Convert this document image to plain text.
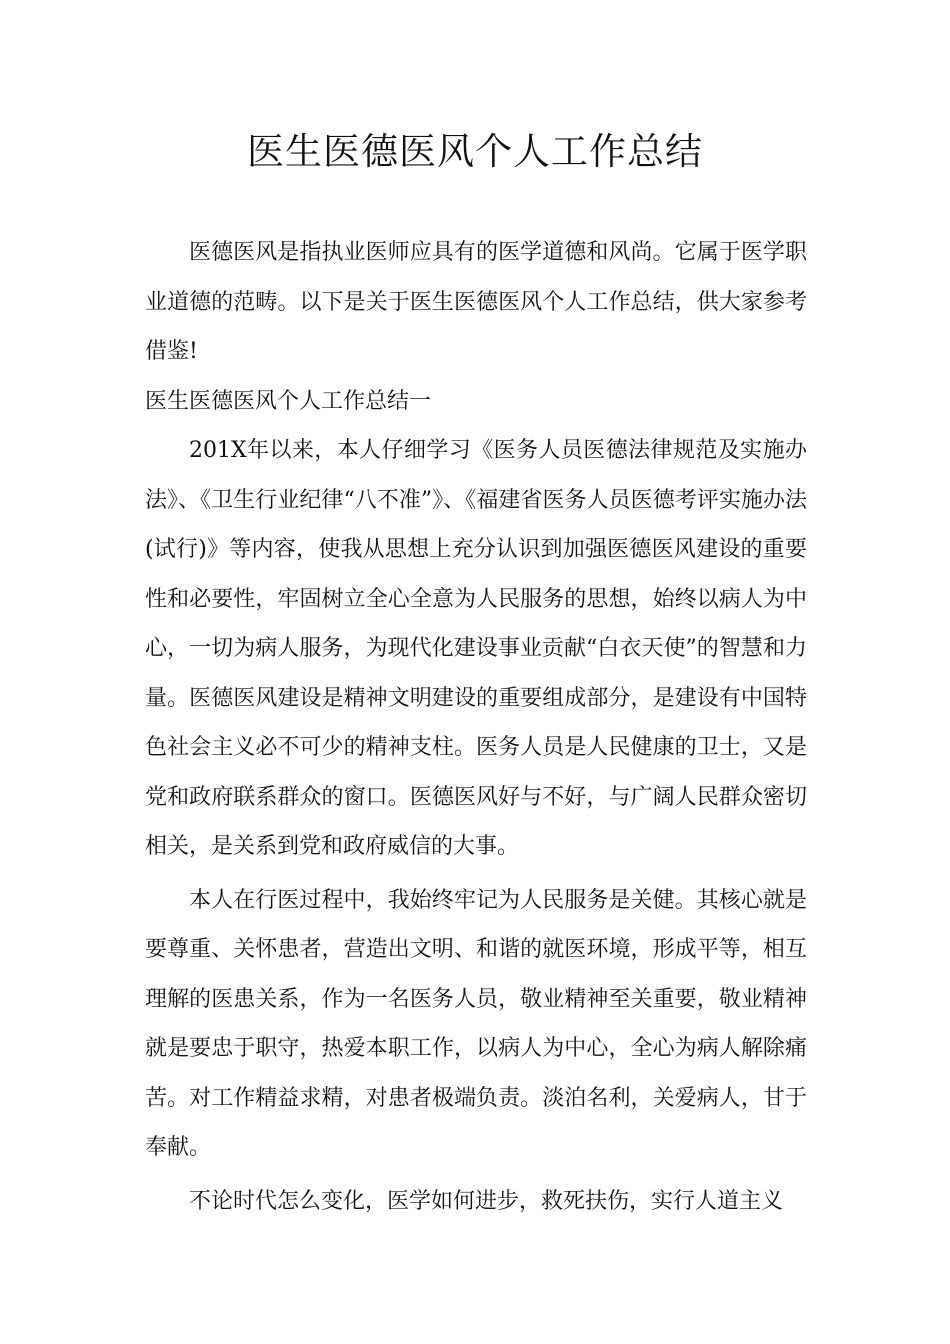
医生医德医风个人工作总结

医德医风是指执业医师应具有的医学道德和风尚。它属于医学职业道德的范畴。以下是关于医生医德医风个人工作总结，供大家参考借鉴!

医生医德医风个人工作总结一

201X年以来，本人仔细学习《医务人员医德法律规范及实施办法》、《卫生行业纪律“八不准”》、《福建省医务人员医德考评实施办法(试行)》等内容，使我从思想上充分认识到加强医德医风建设的重要性和必要性，牢固树立全心全意为人民服务的思想，始终以病人为中心，一切为病人服务，为现代化建设事业贡献“白衣天使”的智慧和力量。医德医风建设是精神文明建设的重要组成部分，是建设有中国特色社会主义必不可少的精神支柱。医务人员是人民健康的卫士，又是党和政府联系群众的窗口。医德医风好与不好，与广阔人民群众密切相关，是关系到党和政府威信的大事。

本人在行医过程中，我始终牢记为人民服务是关健。其核心就是要尊重、关怀患者，营造出文明、和谐的就医环境，形成平等，相互理解的医患关系，作为一名医务人员，敬业精神至关重要，敬业精神就是要忠于职守，热爱本职工作，以病人为中心，全心为病人解除痛苦。对工作精益求精，对患者极端负责。淡泊名利，关爱病人，甘于奉献。

不论时代怎么变化，医学如何进步，救死扶伤，实行人道主义
